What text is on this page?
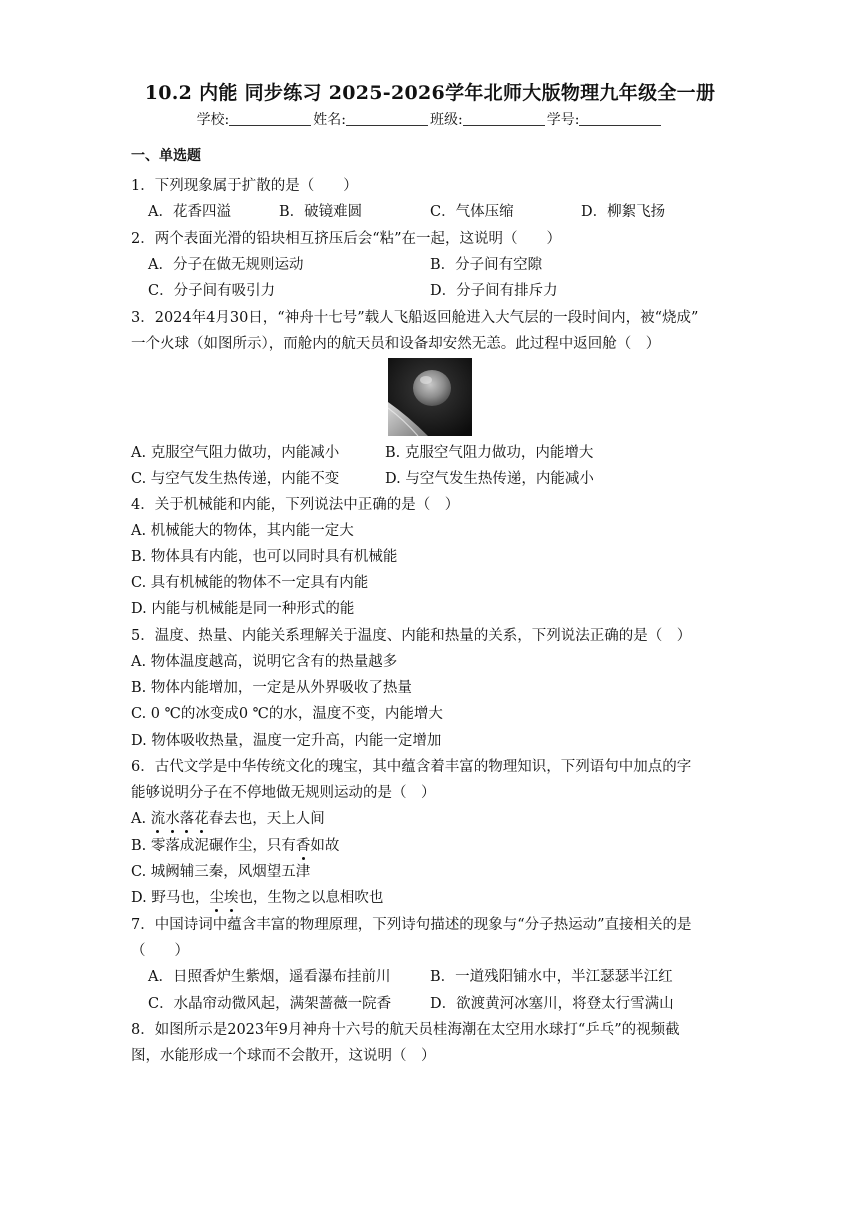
10.2 内能 同步练习 2025-2026学年北师大版物理九年级全一册
学校:	姓名:	班级:	学号:
一、单选题
1．下列现象属于扩散的是（　　）
A．花香四溢	B．破镜难圆	C．气体压缩	D．柳絮飞扬
2．两个表面光滑的铅块相互挤压后会“粘”在一起，这说明（　　）
A．分子在做无规则运动	B．分子间有空隙
C．分子间有吸引力	D．分子间有排斥力
3．2024年4月30日，“神舟十七号”载人飞船返回舱进入大气层的一段时间内，被“烧成”
一个火球（如图所示），而舱内的航天员和设备却安然无恙。此过程中返回舱（　）
A. 克服空气阻力做功，内能减小	B. 克服空气阻力做功，内能增大
C. 与空气发生热传递，内能不变	D. 与空气发生热传递，内能减小
4．关于机械能和内能，下列说法中正确的是（　）
A. 机械能大的物体，其内能一定大
B. 物体具有内能，也可以同时具有机械能
C. 具有机械能的物体不一定具有内能
D. 内能与机械能是同一种形式的能
5．温度、热量、内能关系理解关于温度、内能和热量的关系，下列说法正确的是（　）
A. 物体温度越高，说明它含有的热量越多
B. 物体内能增加，一定是从外界吸收了热量
C. 0 ℃的冰变成0 ℃的水，温度不变，内能增大
D. 物体吸收热量，温度一定升高，内能一定增加
6．古代文学是中华传统文化的瑰宝，其中蕴含着丰富的物理知识，下列语句中加点的字
能够说明分子在不停地做无规则运动的是（　）
A. 流水落花春去也，天上人间
B. 零落成泥碾作尘，只有香如故
C. 城阙辅三秦，风烟望五津
D. 野马也，尘埃也，生物之以息相吹也
7．中国诗词中蕴含丰富的物理原理，下列诗句描述的现象与“分子热运动”直接相关的是
（　　）
A．日照香炉生紫烟，遥看瀑布挂前川	B．一道残阳铺水中，半江瑟瑟半江红
C．水晶帘动微风起，满架蔷薇一院香	D．欲渡黄河冰塞川，将登太行雪满山
8．如图所示是2023年9月神舟十六号的航天员桂海潮在太空用水球打“乒乓”的视频截
图，水能形成一个球而不会散开，这说明（　）
